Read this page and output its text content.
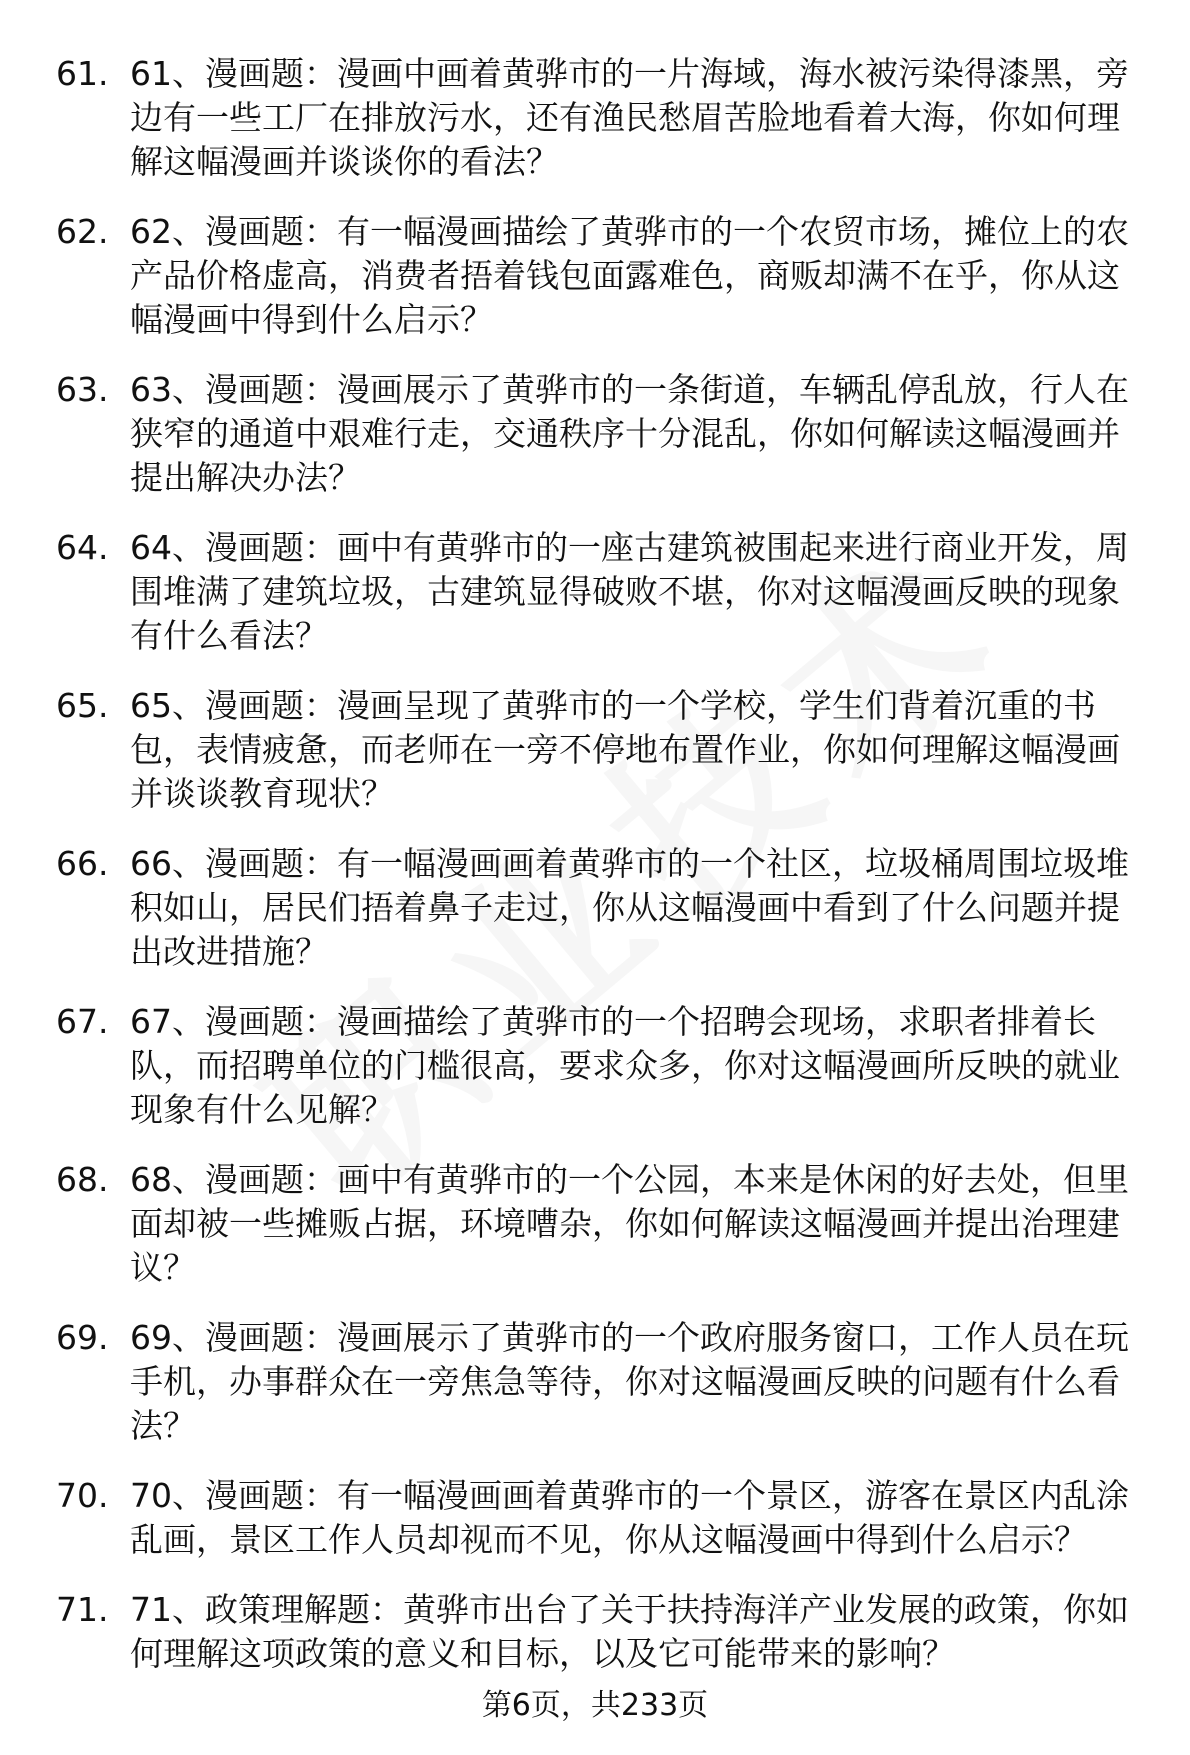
61. 61、漫画题：漫画中画着黄骅市的一片海域，海水被污染得漆黑，旁边有一些工厂在排放污水，还有渔民愁眉苦脸地看着大海，你如何理解这幅漫画并谈谈你的看法？
62. 62、漫画题：有一幅漫画描绘了黄骅市的一个农贸市场，摊位上的农产品价格虚高，消费者捂着钱包面露难色，商贩却满不在乎，你从这幅漫画中得到什么启示？
63. 63、漫画题：漫画展示了黄骅市的一条街道，车辆乱停乱放，行人在狭窄的通道中艰难行走，交通秩序十分混乱，你如何解读这幅漫画并提出解决办法？
64. 64、漫画题：画中有黄骅市的一座古建筑被围起来进行商业开发，周围堆满了建筑垃圾，古建筑显得破败不堪，你对这幅漫画反映的现象有什么看法？
65. 65、漫画题：漫画呈现了黄骅市的一个学校，学生们背着沉重的书包，表情疲惫，而老师在一旁不停地布置作业，你如何理解这幅漫画并谈谈教育现状？
66. 66、漫画题：有一幅漫画画着黄骅市的一个社区，垃圾桶周围垃圾堆积如山，居民们捂着鼻子走过，你从这幅漫画中看到了什么问题并提出改进措施？
67. 67、漫画题：漫画描绘了黄骅市的一个招聘会现场，求职者排着长队，而招聘单位的门槛很高，要求众多，你对这幅漫画所反映的就业现象有什么见解？
68. 68、漫画题：画中有黄骅市的一个公园，本来是休闲的好去处，但里面却被一些摊贩占据，环境嘈杂，你如何解读这幅漫画并提出治理建议？
69. 69、漫画题：漫画展示了黄骅市的一个政府服务窗口，工作人员在玩手机，办事群众在一旁焦急等待，你对这幅漫画反映的问题有什么看法？
70. 70、漫画题：有一幅漫画画着黄骅市的一个景区，游客在景区内乱涂乱画，景区工作人员却视而不见，你从这幅漫画中得到什么启示？
71. 71、政策理解题：黄骅市出台了关于扶持海洋产业发展的政策，你如何理解这项政策的意义和目标，以及它可能带来的影响？
第6页，共233页
